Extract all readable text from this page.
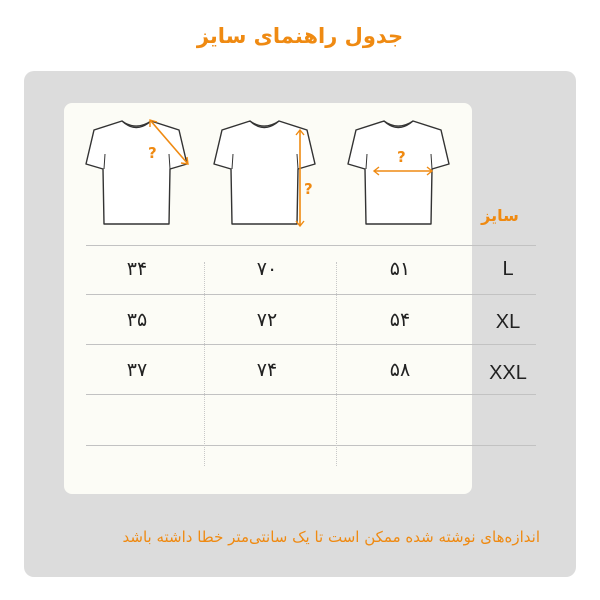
جدول راهنمای سایز
?
?
?
سایز
۳۴	۷۰	۵۱	L
۳۵	۷۲	۵۴	XL
۳۷	۷۴	۵۸	XXL
اندازه‌های نوشته شده ممکن است تا یک سانتی‌متر خطا داشته باشد
